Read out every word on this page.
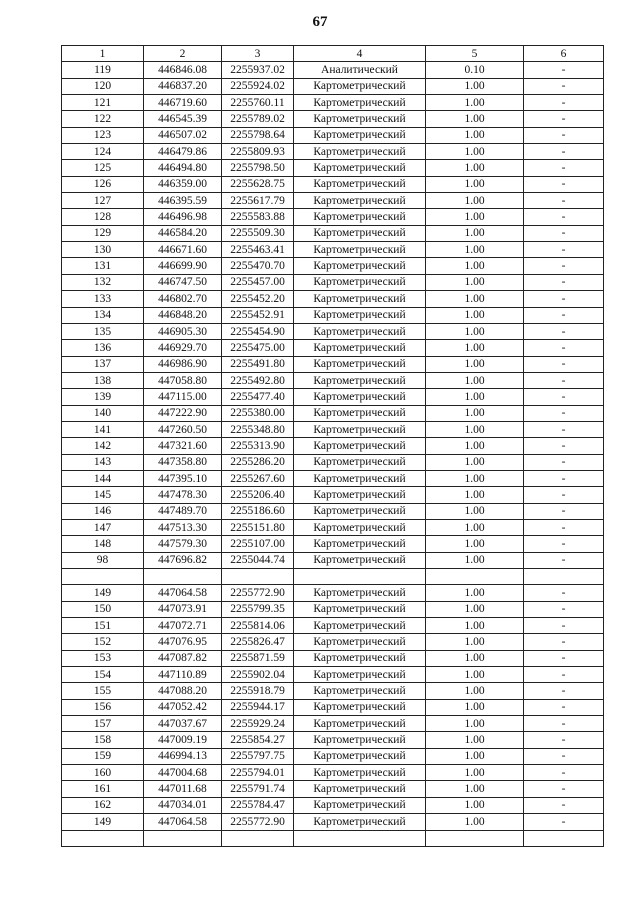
67
1	2	3	4	5	6
119	446846.08	2255937.02	Аналитический	0.10	-
120	446837.20	2255924.02	Картометрический	1.00	-
121	446719.60	2255760.11	Картометрический	1.00	-
122	446545.39	2255789.02	Картометрический	1.00	-
123	446507.02	2255798.64	Картометрический	1.00	-
124	446479.86	2255809.93	Картометрический	1.00	-
125	446494.80	2255798.50	Картометрический	1.00	-
126	446359.00	2255628.75	Картометрический	1.00	-
127	446395.59	2255617.79	Картометрический	1.00	-
128	446496.98	2255583.88	Картометрический	1.00	-
129	446584.20	2255509.30	Картометрический	1.00	-
130	446671.60	2255463.41	Картометрический	1.00	-
131	446699.90	2255470.70	Картометрический	1.00	-
132	446747.50	2255457.00	Картометрический	1.00	-
133	446802.70	2255452.20	Картометрический	1.00	-
134	446848.20	2255452.91	Картометрический	1.00	-
135	446905.30	2255454.90	Картометрический	1.00	-
136	446929.70	2255475.00	Картометрический	1.00	-
137	446986.90	2255491.80	Картометрический	1.00	-
138	447058.80	2255492.80	Картометрический	1.00	-
139	447115.00	2255477.40	Картометрический	1.00	-
140	447222.90	2255380.00	Картометрический	1.00	-
141	447260.50	2255348.80	Картометрический	1.00	-
142	447321.60	2255313.90	Картометрический	1.00	-
143	447358.80	2255286.20	Картометрический	1.00	-
144	447395.10	2255267.60	Картометрический	1.00	-
145	447478.30	2255206.40	Картометрический	1.00	-
146	447489.70	2255186.60	Картометрический	1.00	-
147	447513.30	2255151.80	Картометрический	1.00	-
148	447579.30	2255107.00	Картометрический	1.00	-
98	447696.82	2255044.74	Картометрический	1.00	-

149	447064.58	2255772.90	Картометрический	1.00	-
150	447073.91	2255799.35	Картометрический	1.00	-
151	447072.71	2255814.06	Картометрический	1.00	-
152	447076.95	2255826.47	Картометрический	1.00	-
153	447087.82	2255871.59	Картометрический	1.00	-
154	447110.89	2255902.04	Картометрический	1.00	-
155	447088.20	2255918.79	Картометрический	1.00	-
156	447052.42	2255944.17	Картометрический	1.00	-
157	447037.67	2255929.24	Картометрический	1.00	-
158	447009.19	2255854.27	Картометрический	1.00	-
159	446994.13	2255797.75	Картометрический	1.00	-
160	447004.68	2255794.01	Картометрический	1.00	-
161	447011.68	2255791.74	Картометрический	1.00	-
162	447034.01	2255784.47	Картометрический	1.00	-
149	447064.58	2255772.90	Картометрический	1.00	-
